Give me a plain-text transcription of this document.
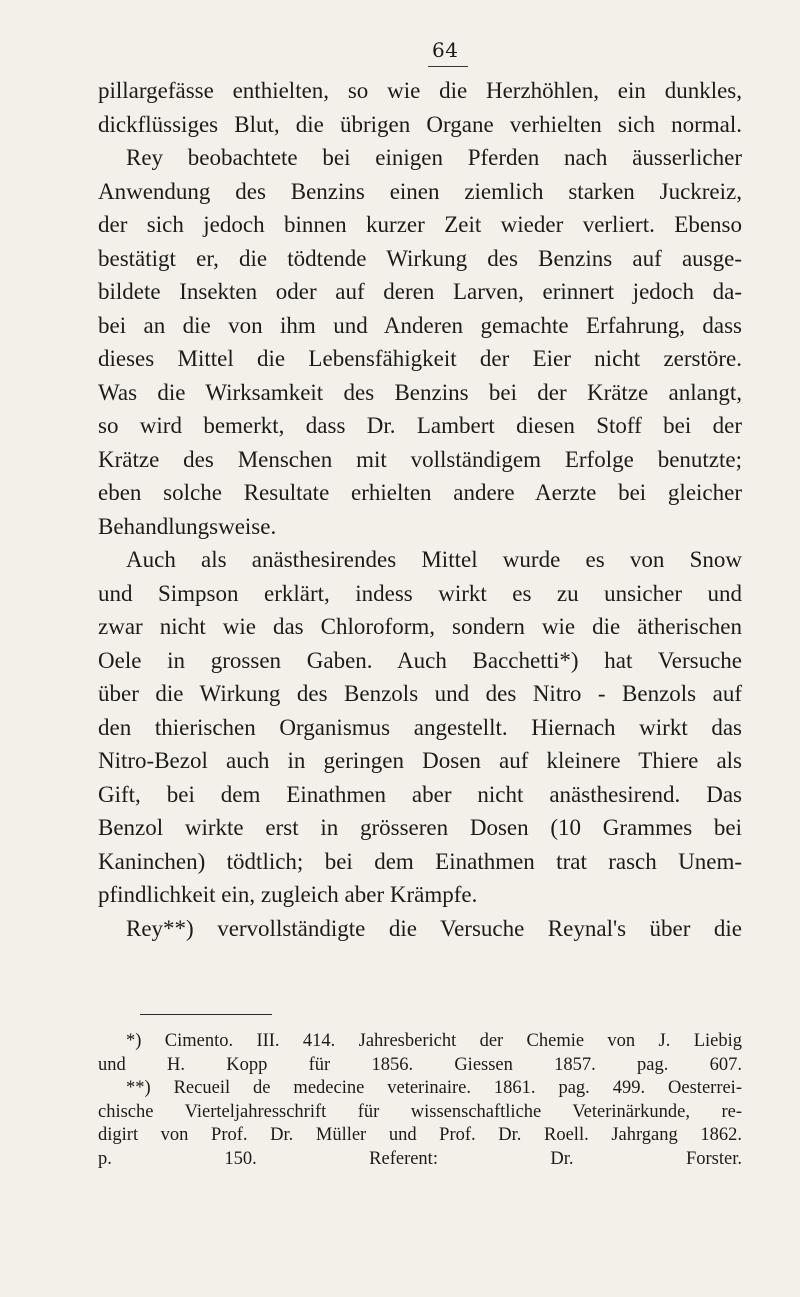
64
pillargefässe enthielten, so wie die Herzhöhlen, ein dunkles,
dickflüssiges Blut, die übrigen Organe verhielten sich normal.
Rey beobachtete bei einigen Pferden nach äusserlicher
Anwendung des Benzins einen ziemlich starken Juckreiz,
der sich jedoch binnen kurzer Zeit wieder verliert. Ebenso
bestätigt er, die tödtende Wirkung des Benzins auf ausge-
bildete Insekten oder auf deren Larven, erinnert jedoch da-
bei an die von ihm und Anderen gemachte Erfahrung, dass
dieses Mittel die Lebensfähigkeit der Eier nicht zerstöre.
Was die Wirksamkeit des Benzins bei der Krätze anlangt,
so wird bemerkt, dass Dr. Lambert diesen Stoff bei der
Krätze des Menschen mit vollständigem Erfolge benutzte;
eben solche Resultate erhielten andere Aerzte bei gleicher
Behandlungsweise.
Auch als anästhesirendes Mittel wurde es von Snow
und Simpson erklärt, indess wirkt es zu unsicher und
zwar nicht wie das Chloroform, sondern wie die ätherischen
Oele in grossen Gaben. Auch Bacchetti*) hat Versuche
über die Wirkung des Benzols und des Nitro - Benzols auf
den thierischen Organismus angestellt. Hiernach wirkt das
Nitro-Bezol auch in geringen Dosen auf kleinere Thiere als
Gift, bei dem Einathmen aber nicht anästhesirend. Das
Benzol wirkte erst in grösseren Dosen (10 Grammes bei
Kaninchen) tödtlich; bei dem Einathmen trat rasch Unem-
pfindlichkeit ein, zugleich aber Krämpfe.
Rey**) vervollständigte die Versuche Reynal's über die
*) Cimento. III. 414. Jahresbericht der Chemie von J. Liebig
und H. Kopp für 1856. Giessen 1857. pag. 607.
**) Recueil de medecine veterinaire. 1861. pag. 499. Oesterrei-
chische Vierteljahresschrift für wissenschaftliche Veterinärkunde, re-
digirt von Prof. Dr. Müller und Prof. Dr. Roell. Jahrgang 1862.
p. 150. Referent: Dr. Forster.
